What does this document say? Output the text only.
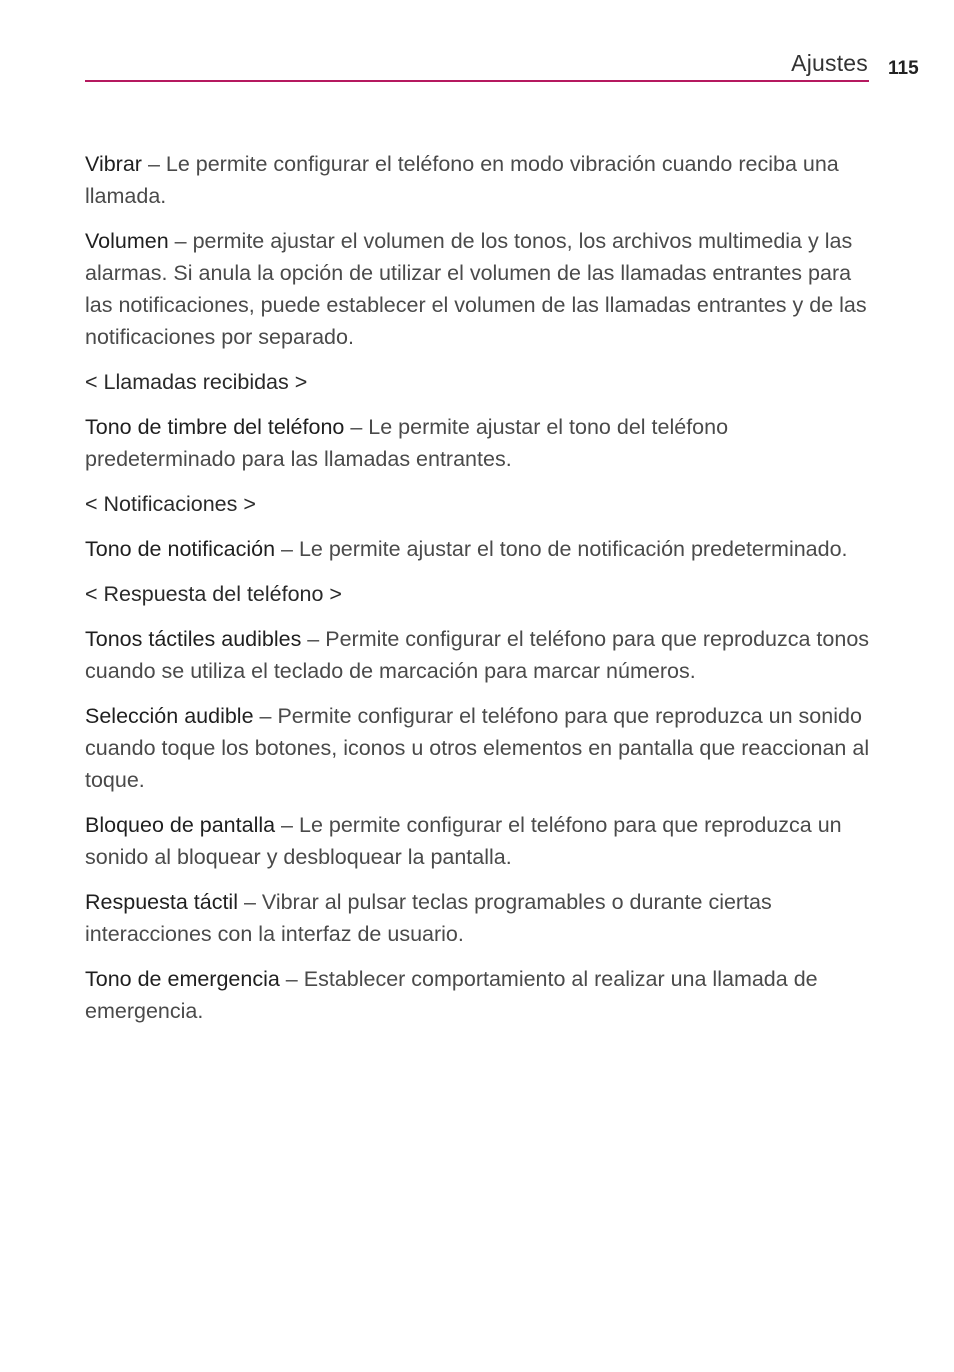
Ajustes 115

Vibrar – Le permite configurar el teléfono en modo vibración cuando reciba una llamada.

Volumen – permite ajustar el volumen de los tonos, los archivos multimedia y las alarmas. Si anula la opción de utilizar el volumen de las llamadas entrantes para las notificaciones, puede establecer el volumen de las llamadas entrantes y de las notificaciones por separado.

< Llamadas recibidas >

Tono de timbre del teléfono – Le permite ajustar el tono del teléfono predeterminado para las llamadas entrantes.

< Notificaciones >

Tono de notificación – Le permite ajustar el tono de notificación predeterminado.

< Respuesta del teléfono >

Tonos táctiles audibles – Permite configurar el teléfono para que reproduzca tonos cuando se utiliza el teclado de marcación para marcar números.

Selección audible – Permite configurar el teléfono para que reproduzca un sonido cuando toque los botones, iconos u otros elementos en pantalla que reaccionan al toque.

Bloqueo de pantalla – Le permite configurar el teléfono para que reproduzca un sonido al bloquear y desbloquear la pantalla.

Respuesta táctil – Vibrar al pulsar teclas programables o durante ciertas interacciones con la interfaz de usuario.

Tono de emergencia – Establecer comportamiento al realizar una llamada de emergencia.
